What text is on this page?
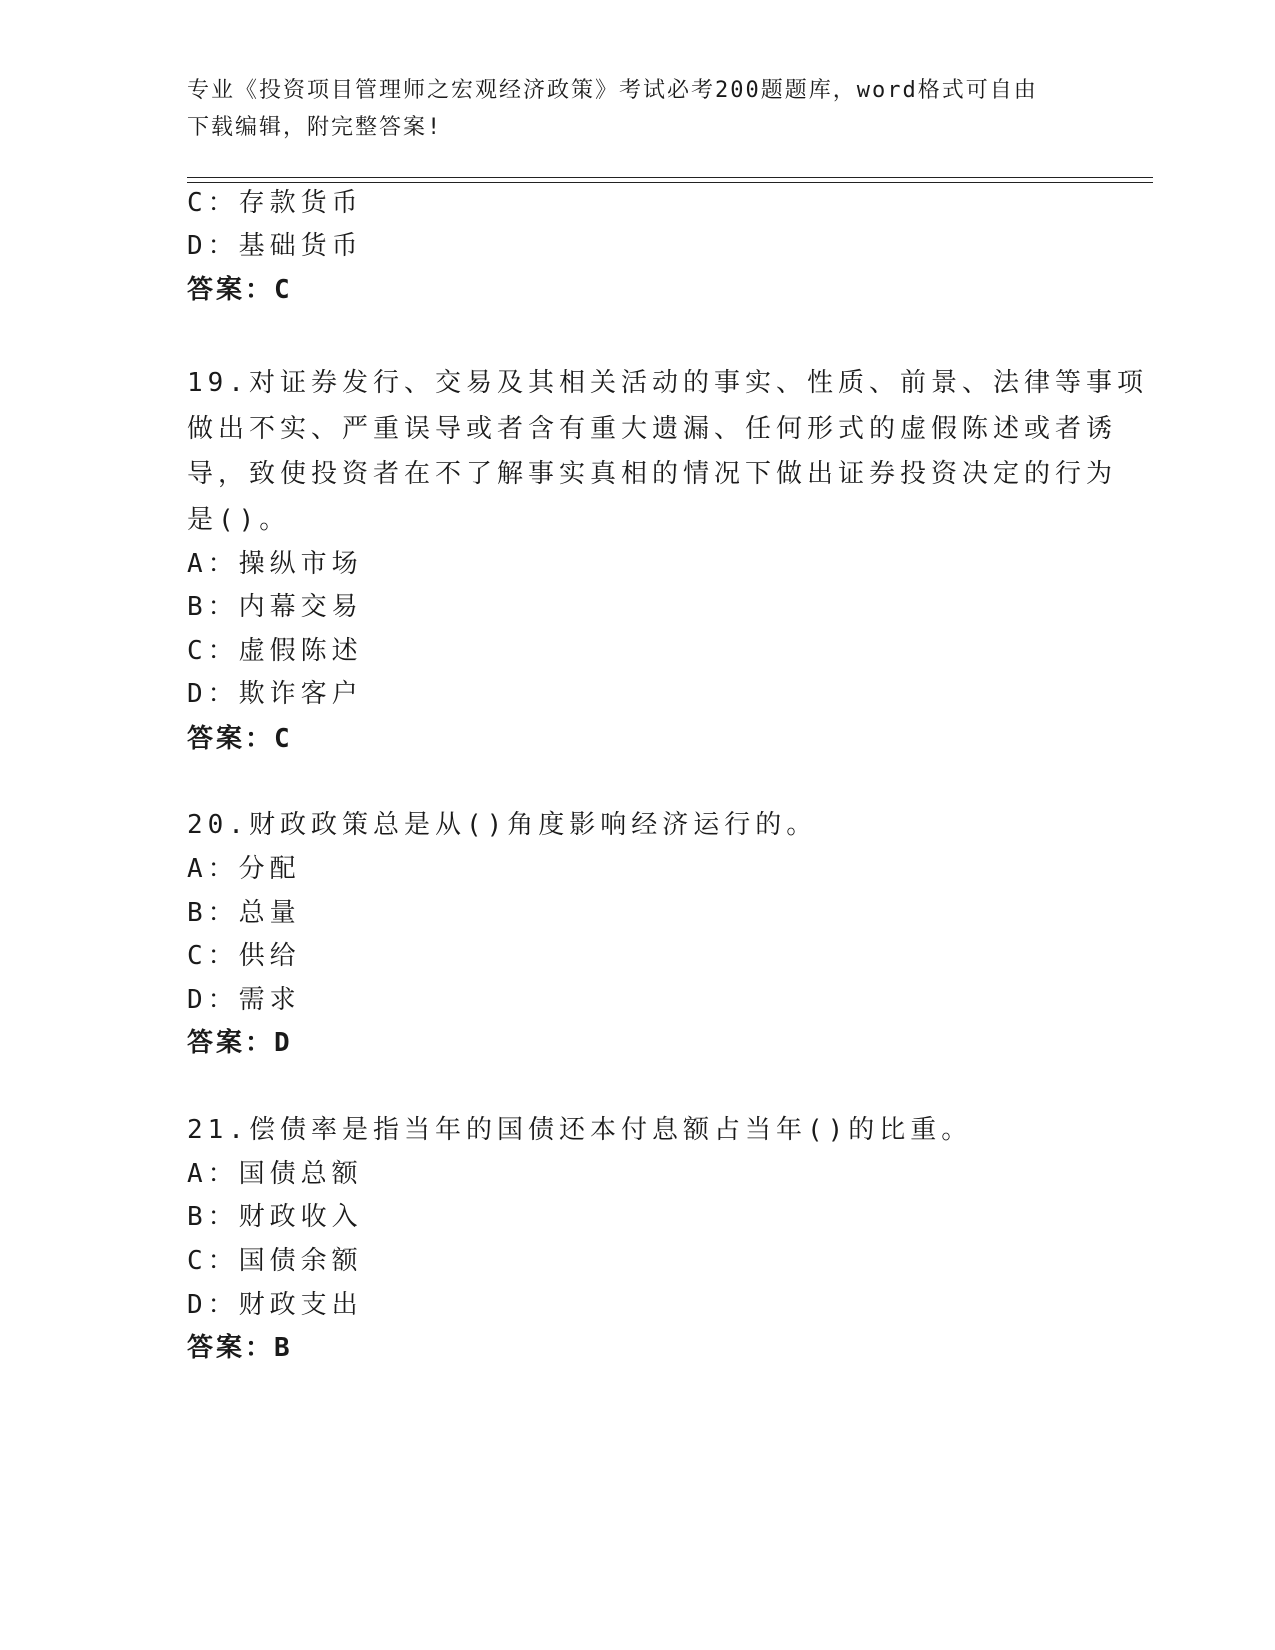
专业《投资项目管理师之宏观经济政策》考试必考200题题库，word格式可自由
下载编辑，附完整答案!
C：存款货币
D：基础货币
答案：C
19.对证券发行、交易及其相关活动的事实、性质、前景、法律等事项
做出不实、严重误导或者含有重大遗漏、任何形式的虚假陈述或者诱
导，致使投资者在不了解事实真相的情况下做出证券投资决定的行为
是()。
A：操纵市场
B：内幕交易
C：虚假陈述
D：欺诈客户
答案：C
20.财政政策总是从()角度影响经济运行的。
A：分配
B：总量
C：供给
D：需求
答案：D
21.偿债率是指当年的国债还本付息额占当年()的比重。
A：国债总额
B：财政收入
C：国债余额
D：财政支出
答案：B
